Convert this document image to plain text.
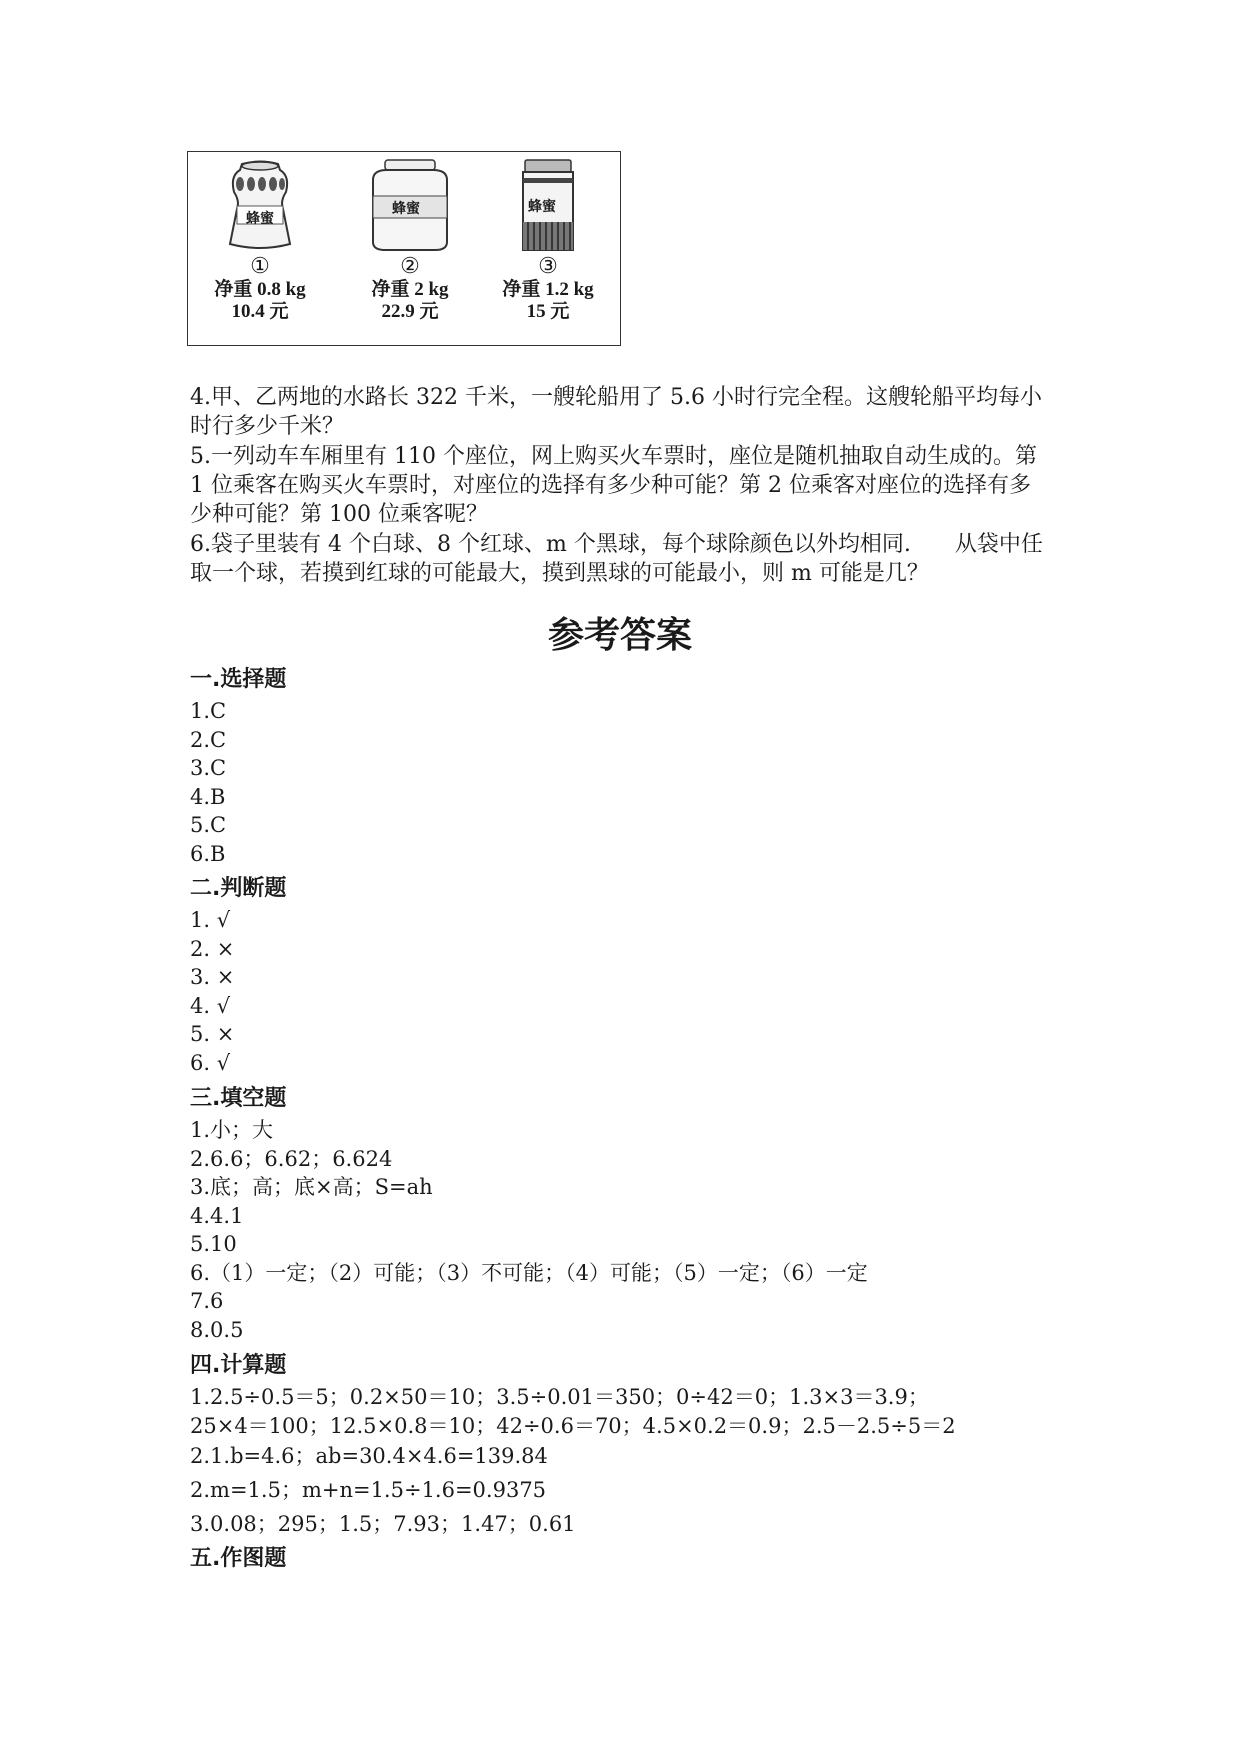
蜂蜜
①
净重 0.8 kg
10.4 元
蜂蜜
②
净重 2 kg
22.9 元
蜂蜜
③
净重 1.2 kg
15 元

4.甲、乙两地的水路长 322 千米，一艘轮船用了 5.6 小时行完全程。这艘轮船平均每小时行多少千米？

5.一列动车车厢里有 110 个座位，网上购买火车票时，座位是随机抽取自动生成的。第 1 位乘客在购买火车票时，对座位的选择有多少种可能？第 2 位乘客对座位的选择有多少种可能？第 100 位乘客呢？

6.袋子里装有 4 个白球、8 个红球、m 个黑球，每个球除颜色以外均相同.　　从袋中任取一个球，若摸到红球的可能最大，摸到黑球的可能最小，则 m 可能是几？

参考答案
一.选择题
1.C
2.C
3.C
4.B
5.C
6.B
二.判断题
1. √
2. ×
3. ×
4. √
5. ×
6. √
三.填空题
1.小；大
2.6.6；6.62；6.624
3.底；高；底×高；S=ah
4.4.1
5.10
6.（1）一定；（2）可能；（3）不可能；（4）可能；（5）一定；（6）一定
7.6
8.0.5
四.计算题
1.2.5÷0.5＝5；0.2×50＝10；3.5÷0.01＝350；0÷42＝0；1.3×3＝3.9；
25×4＝100；12.5×0.8＝10；42÷0.6＝70；4.5×0.2＝0.9；2.5－2.5÷5＝2
2.1.b=4.6；ab=30.4×4.6=139.84
2.m=1.5；m+n=1.5÷1.6=0.9375
3.0.08；295；1.5；7.93；1.47；0.61
五.作图题
